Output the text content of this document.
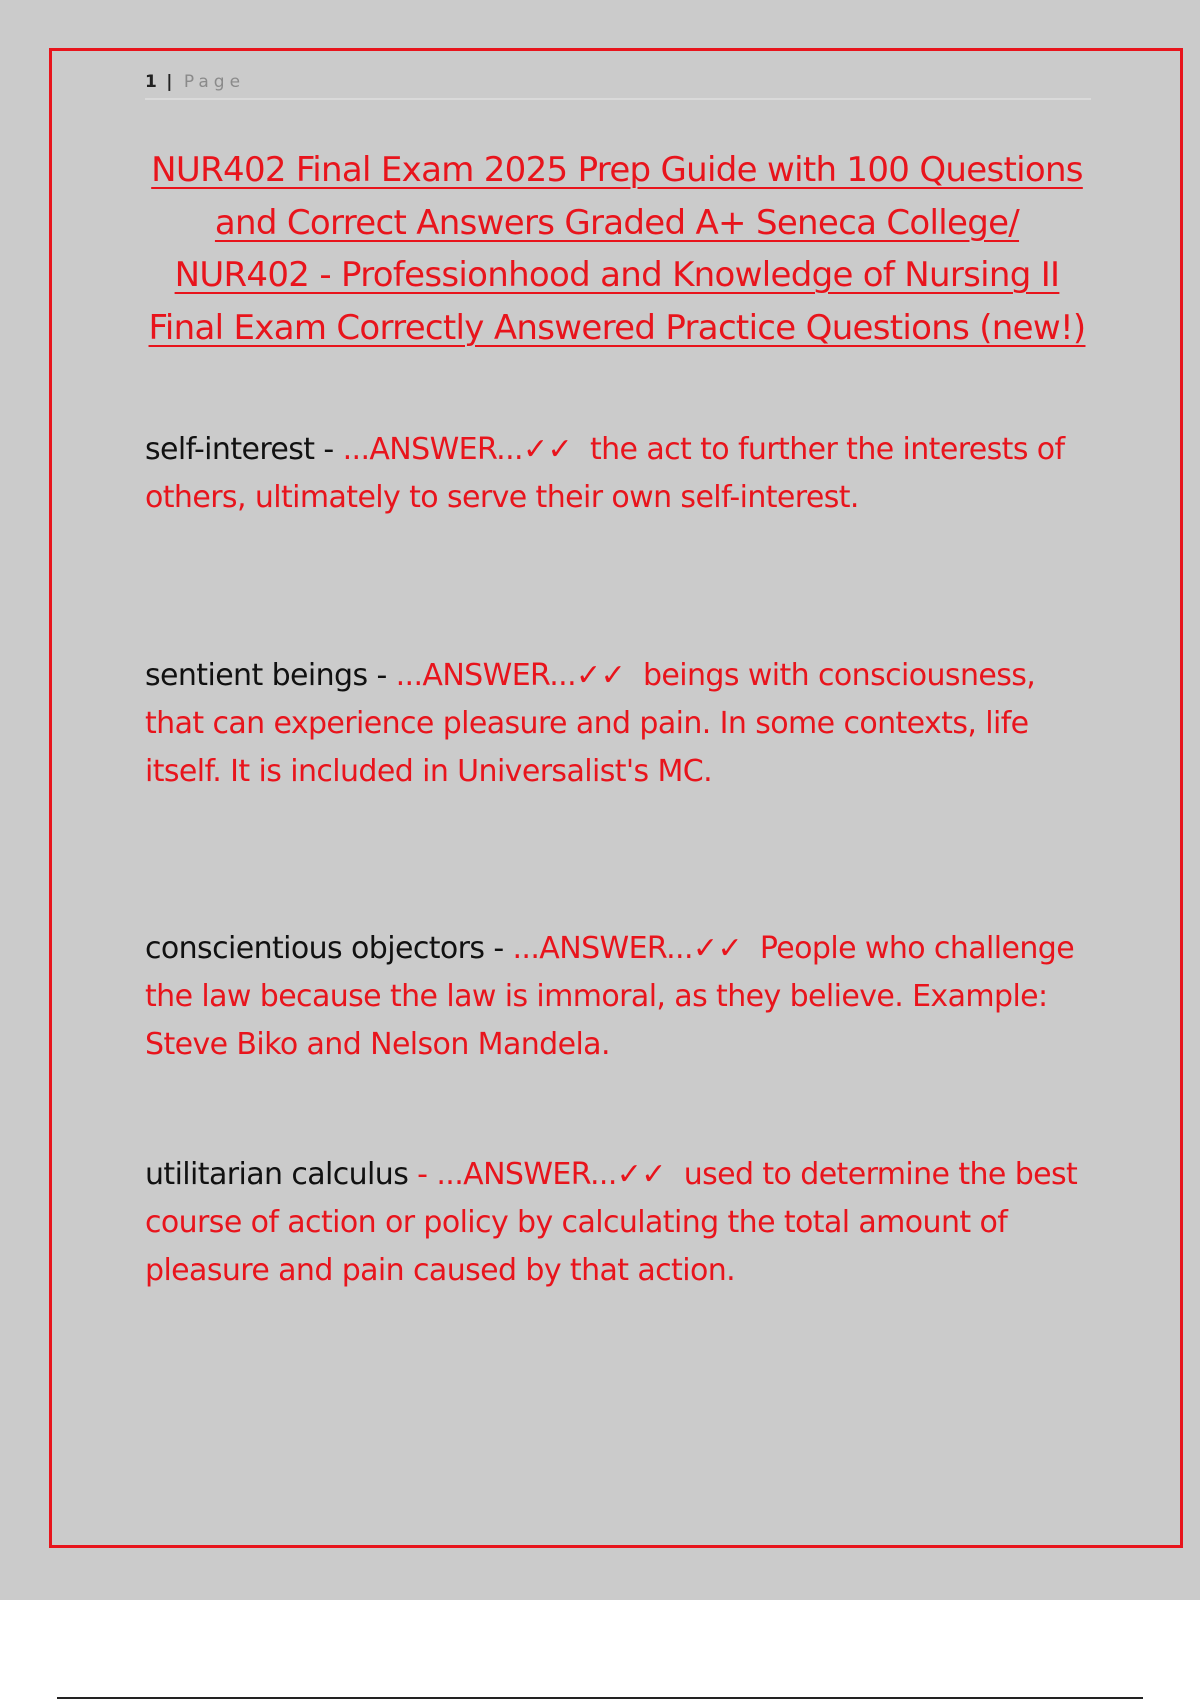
1 | Page
NUR402 Final Exam 2025 Prep Guide with 100 Questions and Correct Answers Graded A+ Seneca College/ NUR402 - Professionhood and Knowledge of Nursing II Final Exam Correctly Answered Practice Questions (new!)

self-interest - ...ANSWER...✓✓ the act to further the interests of others, ultimately to serve their own self-interest.

sentient beings - ...ANSWER...✓✓ beings with consciousness, that can experience pleasure and pain. In some contexts, life itself. It is included in Universalist's MC.

conscientious objectors - ...ANSWER...✓✓ People who challenge the law because the law is immoral, as they believe. Example: Steve Biko and Nelson Mandela.

utilitarian calculus - ...ANSWER...✓✓ used to determine the best course of action or policy by calculating the total amount of pleasure and pain caused by that action.
